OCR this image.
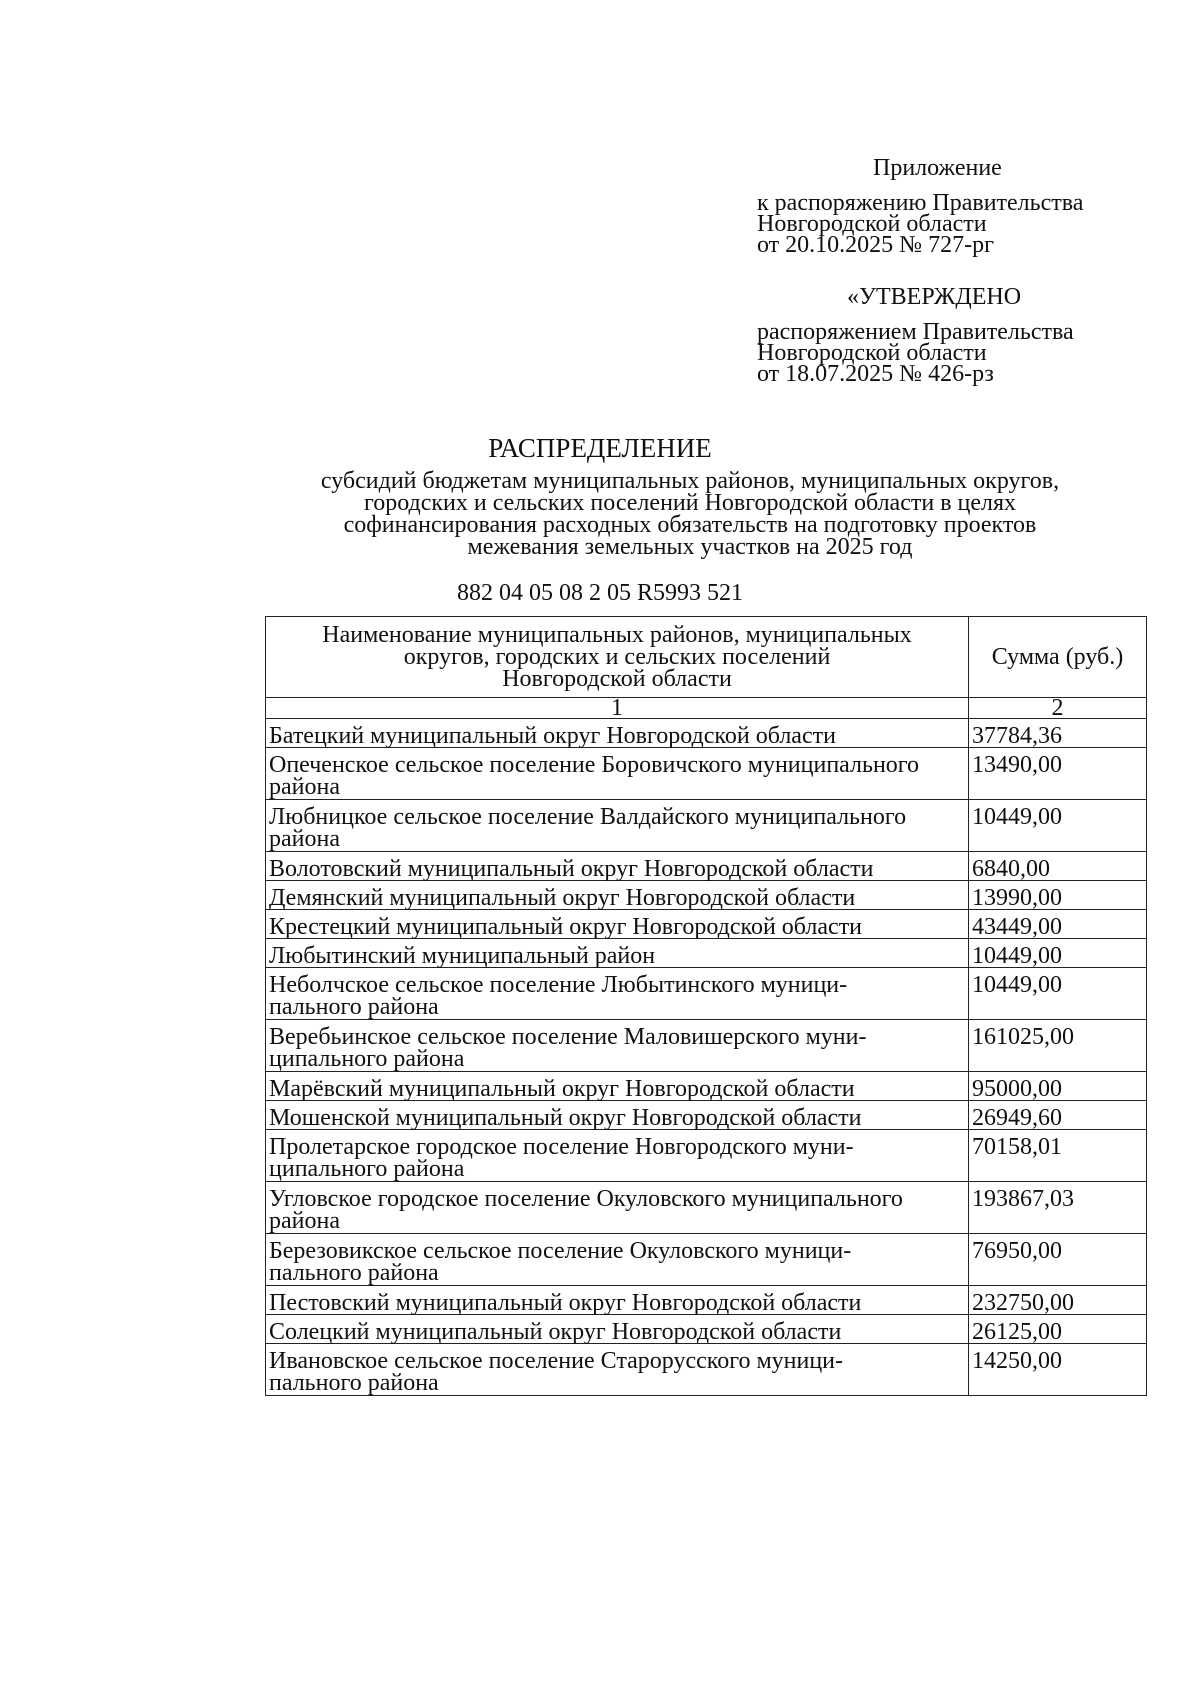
Приложение
к распоряжению Правительства
Новгородской области
от 20.10.2025 № 727-рг
«УТВЕРЖДЕНО
распоряжением Правительства
Новгородской области
от 18.07.2025 № 426-рз
РАСПРЕДЕЛЕНИЕ
субсидий бюджетам муниципальных районов, муниципальных округов,
городских и сельских поселений Новгородской области в целях
софинансирования расходных обязательств на подготовку проектов
межевания земельных участков на 2025 год
882 04 05 08 2 05 R5993 521
Наименование муниципальных районов, муниципальных
округов, городских и сельских поселений
Новгородской области	Сумма (руб.)
1	2

Батецкий муниципальный округ Новгородской области	37784,36

Опеченское сельское поселение Боровичского муниципального
района	13490,00

Любницкое сельское поселение Валдайского муниципального
района	10449,00

Волотовский муниципальный округ Новгородской области	6840,00

Демянский муниципальный округ Новгородской области	13990,00

Крестецкий муниципальный округ Новгородской области	43449,00

Любытинский муниципальный район	10449,00

Неболчское сельское поселение Любытинского муници-
пального района	10449,00

Веребьинское сельское поселение Маловишерского муни-
ципального района	161025,00

Марёвский муниципальный округ Новгородской области	95000,00

Мошенской муниципальный округ Новгородской области	26949,60

Пролетарское городское поселение Новгородского муни-
ципального района	70158,01

Угловское городское поселение Окуловского муниципального
района	193867,03

Березовикское сельское поселение Окуловского муници-
пального района	76950,00

Пестовский муниципальный округ Новгородской области	232750,00

Солецкий муниципальный округ Новгородской области	26125,00

Ивановское сельское поселение Старорусского муници-
пального района	14250,00
